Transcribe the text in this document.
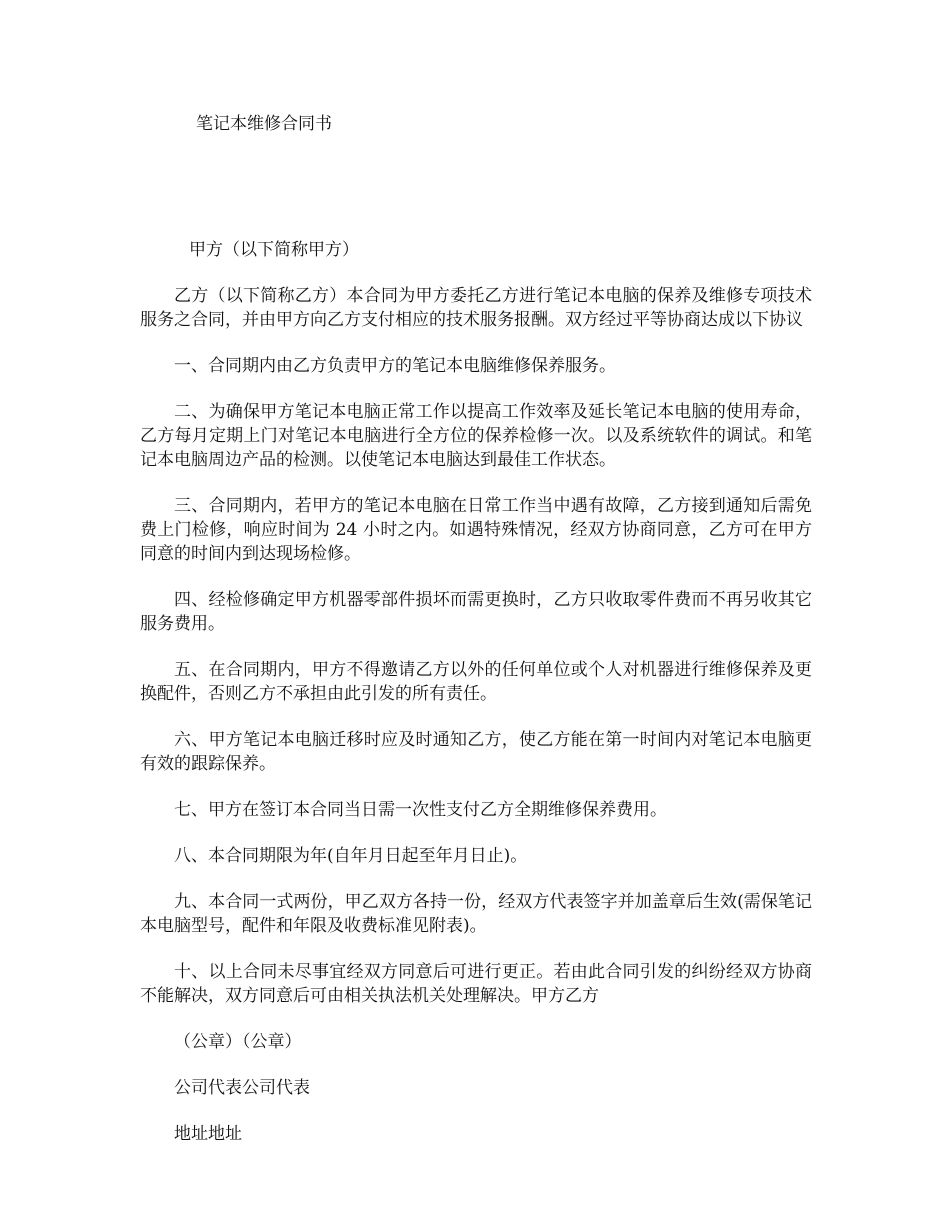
笔记本维修合同书

甲方（以下简称甲方）

乙方（以下简称乙方）本合同为甲方委托乙方进行笔记本电脑的保养及维修专项技术服务之合同，并由甲方向乙方支付相应的技术服务报酬。双方经过平等协商达成以下协议

一、合同期内由乙方负责甲方的笔记本电脑维修保养服务。

二、为确保甲方笔记本电脑正常工作以提高工作效率及延长笔记本电脑的使用寿命，乙方每月定期上门对笔记本电脑进行全方位的保养检修一次。以及系统软件的调试。和笔记本电脑周边产品的检测。以使笔记本电脑达到最佳工作状态。

三、合同期内，若甲方的笔记本电脑在日常工作当中遇有故障，乙方接到通知后需免费上门检修，响应时间为 24 小时之内。如遇特殊情况，经双方协商同意，乙方可在甲方同意的时间内到达现场检修。

四、经检修确定甲方机器零部件损坏而需更换时，乙方只收取零件费而不再另收其它服务费用。

五、在合同期内，甲方不得邀请乙方以外的任何单位或个人对机器进行维修保养及更换配件，否则乙方不承担由此引发的所有责任。

六、甲方笔记本电脑迁移时应及时通知乙方，使乙方能在第一时间内对笔记本电脑更有效的跟踪保养。

七、甲方在签订本合同当日需一次性支付乙方全期维修保养费用。

八、本合同期限为年(自年月日起至年月日止)。

九、本合同一式两份，甲乙双方各持一份，经双方代表签字并加盖章后生效(需保笔记本电脑型号，配件和年限及收费标准见附表)。

十、以上合同未尽事宜经双方同意后可进行更正。若由此合同引发的纠纷经双方协商不能解决，双方同意后可由相关执法机关处理解决。甲方乙方

（公章）（公章）

公司代表公司代表

地址地址
